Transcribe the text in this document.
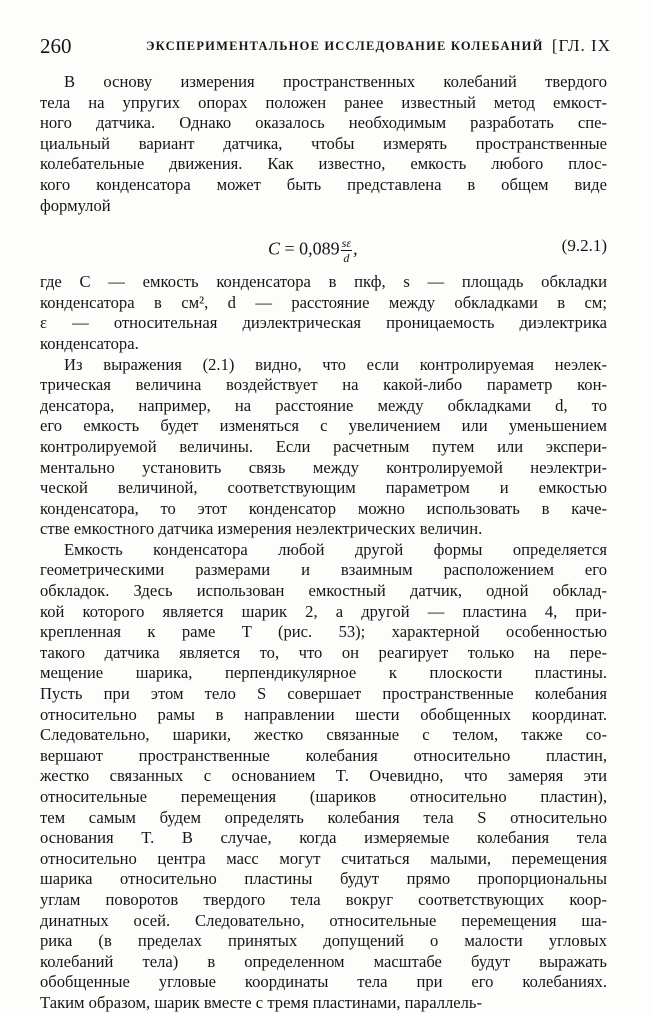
260	ЭКСПЕРИМЕНТАЛЬНОЕ ИССЛЕДОВАНИЕ КОЛЕБАНИЙ [ГЛ. IX

В основу измерения пространственных колебаний твердого

тела на упругих опорах положен ранее известный метод емкост-

ного датчика. Однако оказалось необходимым разработать спе-

циальный вариант датчика, чтобы измерять пространственные

колебательные движения. Как известно, емкость любого плос-

кого конденсатора может быть представлена в общем виде

формулой

$C = 0,089 \frac{s\varepsilon}{d}$ ,	(9.2.1)

где C — емкость конденсатора в пкф, s — площадь обкладки

конденсатора в см², d — расстояние между обкладками в см;

ε — относительная диэлектрическая проницаемость диэлектрика

конденсатора.

Из выражения (2.1) видно, что если контролируемая неэлек-

трическая величина воздействует на какой-либо параметр кон-

денсатора, например, на расстояние между обкладками d, то

его емкость будет изменяться с увеличением или уменьшением

контролируемой величины. Если расчетным путем или экспери-

ментально установить связь между контролируемой неэлектри-

ческой величиной, соответствующим параметром и емкостью

конденсатора, то этот конденсатор можно использовать в каче-

стве емкостного датчика измерения неэлектрических величин.

Емкость конденсатора любой другой формы определяется

геометрическими размерами и взаимным расположением его

обкладок. Здесь использован емкостный датчик, одной обклад-

кой которого является шарик 2, а другой — пластина 4, при-

крепленная к раме T (рис. 53); характерной особенностью

такого датчика является то, что он реагирует только на пере-

мещение шарика, перпендикулярное к плоскости пластины.

Пусть при этом тело S совершает пространственные колебания

относительно рамы в направлении шести обобщенных координат.

Следовательно, шарики, жестко связанные с телом, также со-

вершают пространственные колебания относительно пластин,

жестко связанных с основанием T. Очевидно, что замеряя эти

относительные перемещения (шариков относительно пластин),

тем самым будем определять колебания тела S относительно

основания T. В случае, когда измеряемые колебания тела

относительно центра масс могут считаться малыми, перемещения

шарика относительно пластины будут прямо пропорциональны

углам поворотов твердого тела вокруг соответствующих коор-

динатных осей. Следовательно, относительные перемещения ша-

рика (в пределах принятых допущений о малости угловых

колебаний тела) в определенном масштабе будут выражать

обобщенные угловые координаты тела при его колебаниях.

Таким образом, шарик вместе с тремя пластинами, параллель-
